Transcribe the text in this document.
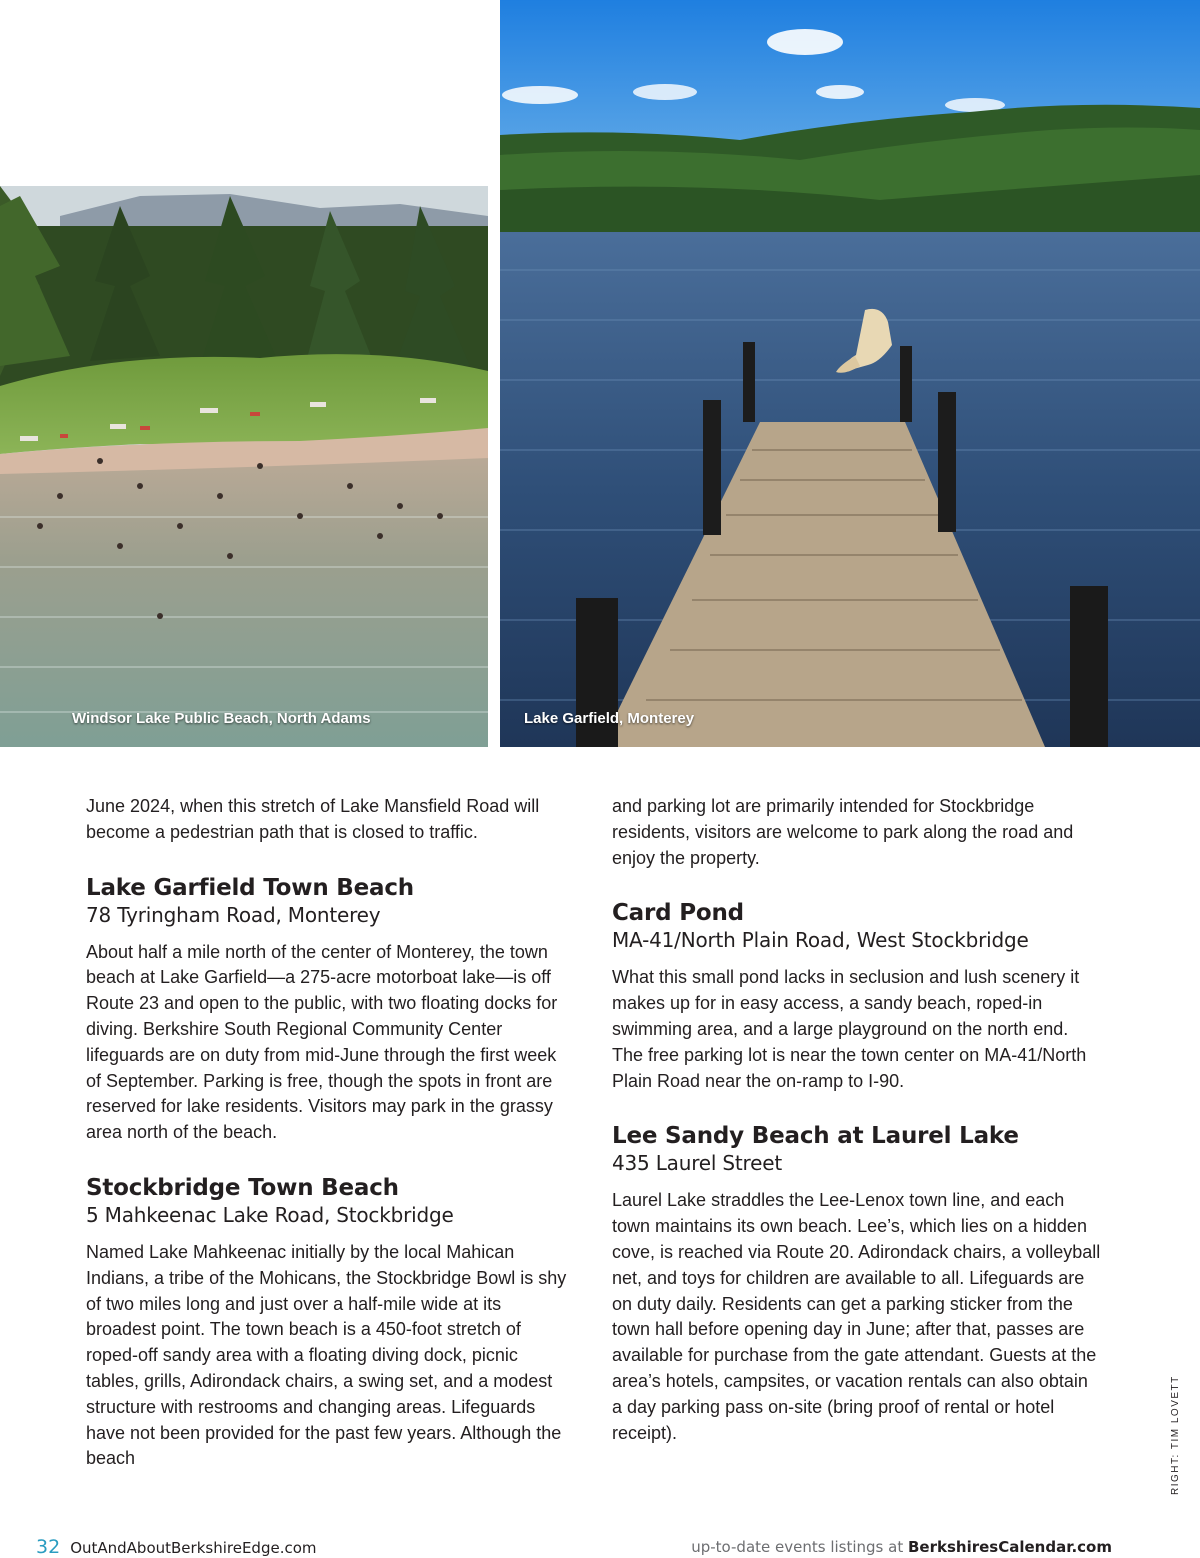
Windsor Lake Public Beach, North Adams	Lake Garfield, Monterey

June 2024, when this stretch of Lake Mansfield Road will become a pedestrian path that is closed to traffic.

Lake Garfield Town Beach
78 Tyringham Road, Monterey

About half a mile north of the center of Monterey, the town beach at Lake Garfield—a 275-acre motorboat lake—is off Route 23 and open to the public, with two floating docks for diving. Berkshire South Regional Community Center lifeguards are on duty from mid-June through the first week of September. Parking is free, though the spots in front are reserved for lake residents. Visitors may park in the grassy area north of the beach.

Stockbridge Town Beach
5 Mahkeenac Lake Road, Stockbridge

Named Lake Mahkeenac initially by the local Mahican Indians, a tribe of the Mohicans, the Stockbridge Bowl is shy of two miles long and just over a half-mile wide at its broadest point. The town beach is a 450-foot stretch of roped-off sandy area with a floating diving dock, picnic tables, grills, Adirondack chairs, a swing set, and a modest structure with restrooms and changing areas. Lifeguards have not been provided for the past few years. Although the beach

and parking lot are primarily intended for Stockbridge residents, visitors are welcome to park along the road and enjoy the property.

Card Pond
MA-41/North Plain Road, West Stockbridge

What this small pond lacks in seclusion and lush scenery it makes up for in easy access, a sandy beach, roped-in swimming area, and a large playground on the north end. The free parking lot is near the town center on MA-41/North Plain Road near the on-ramp to I-90.

Lee Sandy Beach at Laurel Lake
435 Laurel Street

Laurel Lake straddles the Lee-Lenox town line, and each town maintains its own beach. Lee’s, which lies on a hidden cove, is reached via Route 20. Adirondack chairs, a volleyball net, and toys for children are available to all. Lifeguards are on duty daily. Residents can get a parking sticker from the town hall before opening day in June; after that, passes are available for purchase from the gate attendant. Guests at the area’s hotels, campsites, or vacation rentals can also obtain a day parking pass on-site (bring proof of rental or hotel receipt).	RIGHT: TIM LOVETT
32 OutAndAboutBerkshireEdge.com	up-to-date events listings at BerkshiresCalendar.com
